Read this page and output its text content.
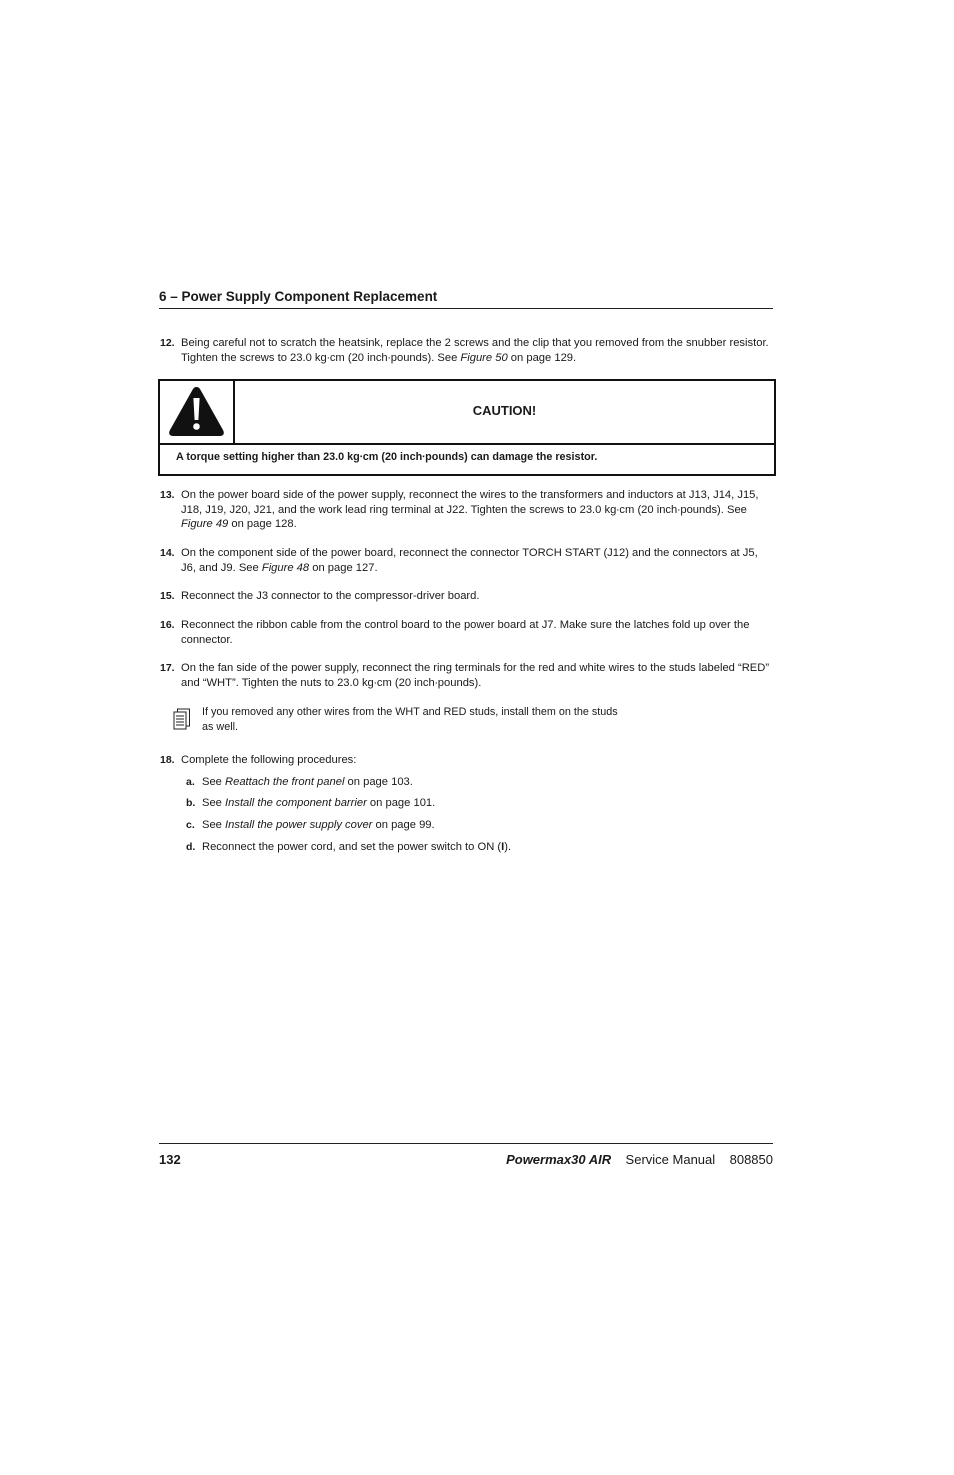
6 – Power Supply Component Replacement
12. Being careful not to scratch the heatsink, replace the 2 screws and the clip that you removed from the snubber resistor. Tighten the screws to 23.0 kg∙cm (20 inch∙pounds). See Figure 50 on page 129.
CAUTION!
A torque setting higher than 23.0 kg∙cm (20 inch∙pounds) can damage the resistor.
13. On the power board side of the power supply, reconnect the wires to the transformers and inductors at J13, J14, J15, J18, J19, J20, J21, and the work lead ring terminal at J22. Tighten the screws to 23.0 kg∙cm (20 inch∙pounds). See Figure 49 on page 128.
14. On the component side of the power board, reconnect the connector TORCH START (J12) and the connectors at J5, J6, and J9. See Figure 48 on page 127.
15. Reconnect the J3 connector to the compressor-driver board.
16. Reconnect the ribbon cable from the control board to the power board at J7. Make sure the latches fold up over the connector.
17. On the fan side of the power supply, reconnect the ring terminals for the red and white wires to the studs labeled “RED” and “WHT”. Tighten the nuts to 23.0 kg∙cm (20 inch∙pounds).
If you removed any other wires from the WHT and RED studs, install them on the studs
as well.
18. Complete the following procedures:
a. See Reattach the front panel on page 103.
b. See Install the component barrier on page 101.
c. See Install the power supply cover on page 99.
d. Reconnect the power cord, and set the power switch to ON (I).
132	Powermax30 AIR Service Manual 808850
